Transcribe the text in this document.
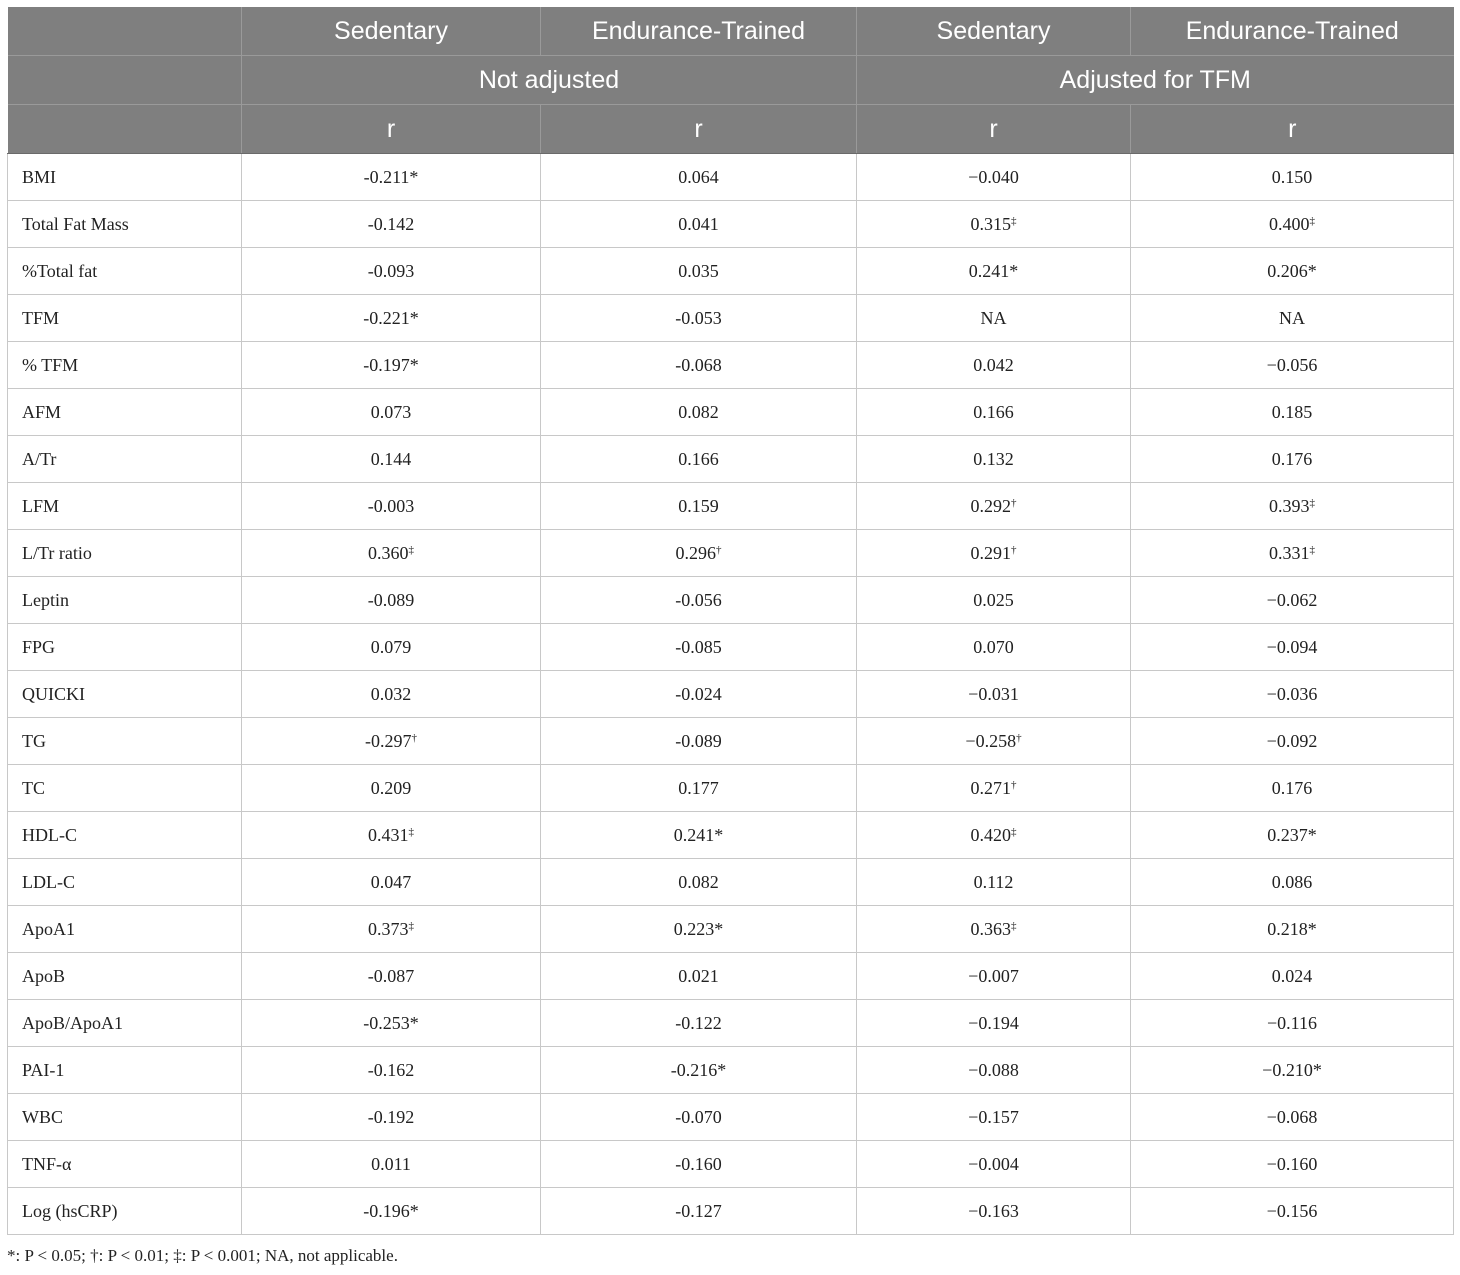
	Sedentary	Endurance-Trained	Sedentary	Endurance-Trained
	Not adjusted		Adjusted for TFM	
	r	r	r	r
BMI	-0.211*	0.064	−0.040	0.150
Total Fat Mass	-0.142	0.041	0.315‡	0.400‡
%Total fat	-0.093	0.035	0.241*	0.206*
TFM	-0.221*	-0.053	NA	NA
% TFM	-0.197*	-0.068	0.042	−0.056
AFM	0.073	0.082	0.166	0.185
A/Tr	0.144	0.166	0.132	0.176
LFM	-0.003	0.159	0.292†	0.393‡
L/Tr ratio	0.360‡	0.296†	0.291†	0.331‡
Leptin	-0.089	-0.056	0.025	−0.062
FPG	0.079	-0.085	0.070	−0.094
QUICKI	0.032	-0.024	−0.031	−0.036
TG	-0.297†	-0.089	−0.258†	−0.092
TC	0.209	0.177	0.271†	0.176
HDL-C	0.431‡	0.241*	0.420‡	0.237*
LDL-C	0.047	0.082	0.112	0.086
ApoA1	0.373‡	0.223*	0.363‡	0.218*
ApoB	-0.087	0.021	−0.007	0.024
ApoB/ApoA1	-0.253*	-0.122	−0.194	−0.116
PAI-1	-0.162	-0.216*	−0.088	−0.210*
WBC	-0.192	-0.070	−0.157	−0.068
TNF-α	0.011	-0.160	−0.004	−0.160
Log (hsCRP)	-0.196*	-0.127	−0.163	−0.156
*: P < 0.05; †: P < 0.01; ‡: P < 0.001; NA, not applicable.
